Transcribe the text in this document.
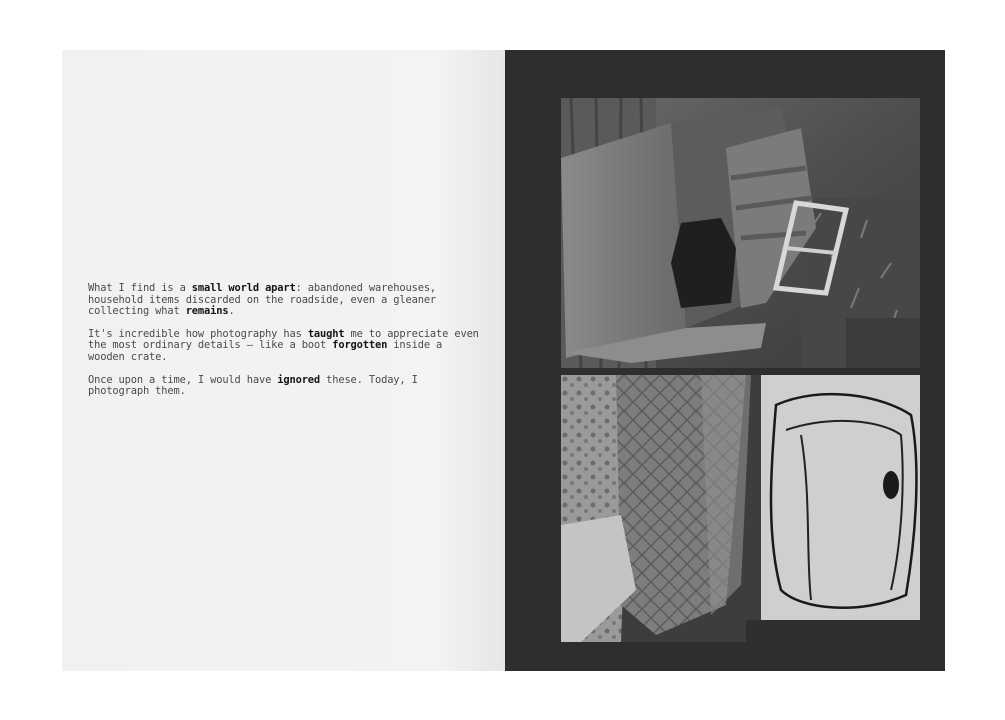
What I find is a small world apart: abandoned warehouses, household items discarded on the roadside, even a gleaner collecting what remains.

It's incredible how photography has taught me to appreciate even the most ordinary details – like a boot forgotten inside a wooden crate.

Once upon a time, I would have ignored these. Today, I photograph them.
